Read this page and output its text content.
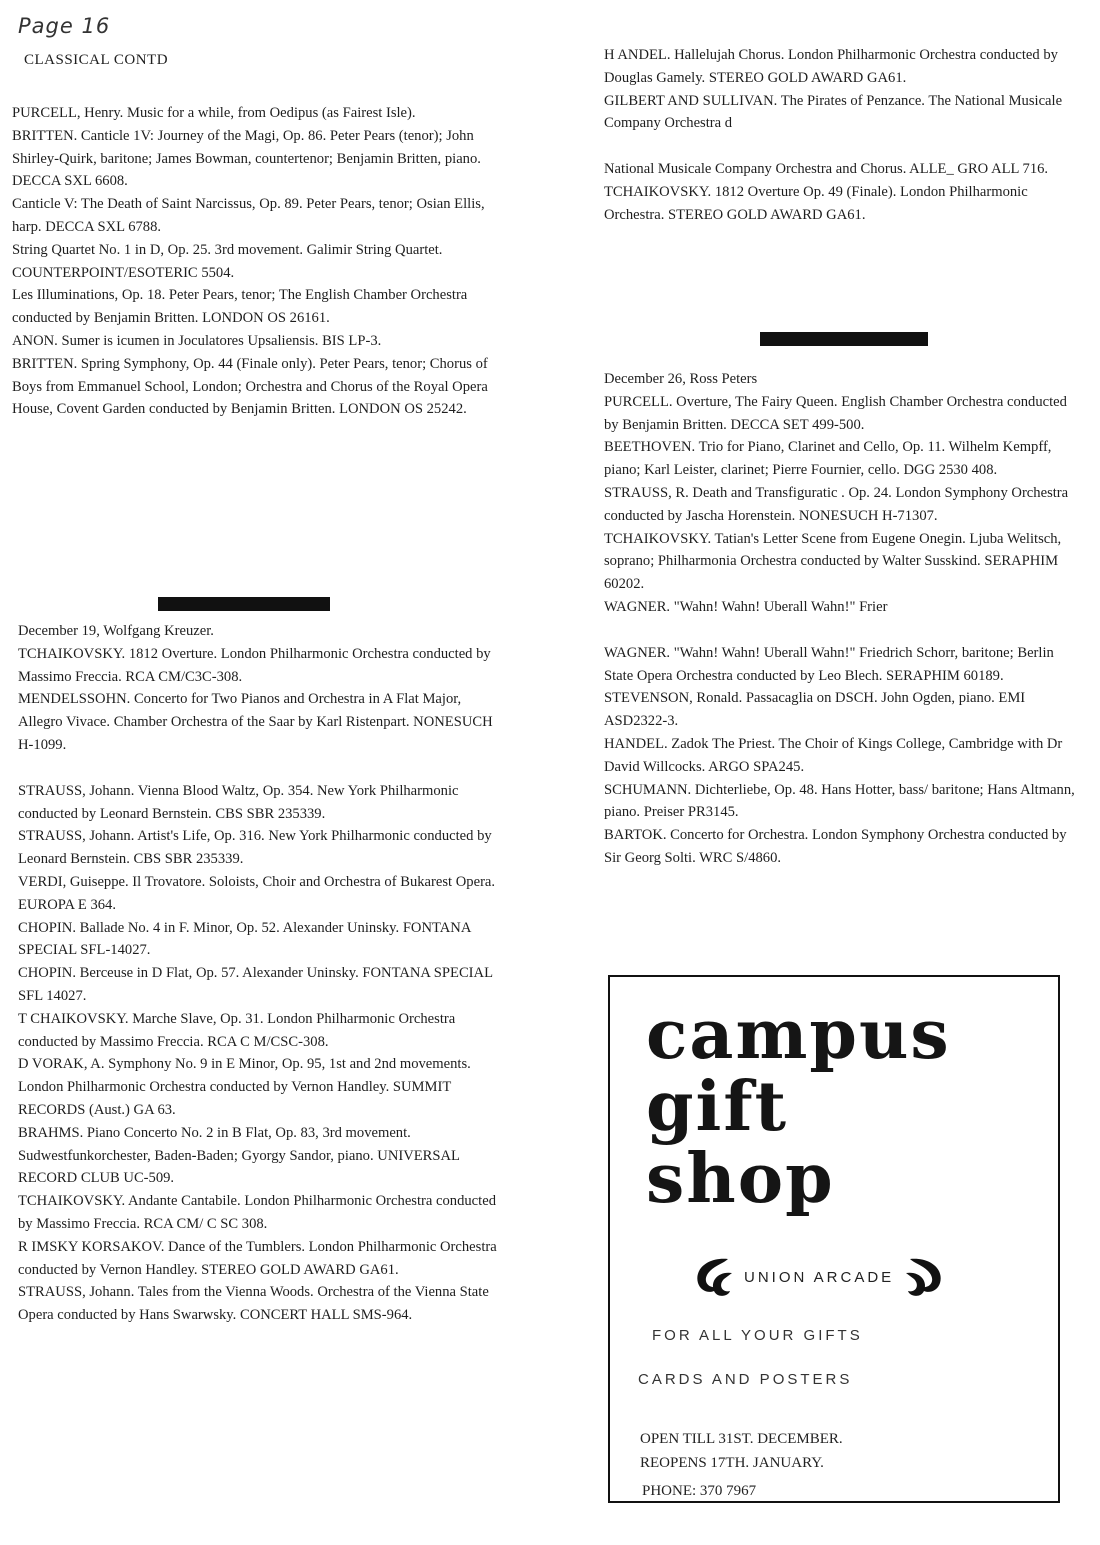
Page 16
CLASSICAL CONTD

PURCELL, Henry. Music for a while, from Oedipus (as Fairest Isle).

BRITTEN. Canticle 1V: Journey of the Magi, Op. 86. Peter Pears (tenor); John Shirley-Quirk, baritone; James Bowman, countertenor; Benjamin Britten, piano. DECCA SXL 6608.

Canticle V: The Death of Saint Narcissus, Op. 89. Peter Pears, tenor; Osian Ellis, harp. DECCA SXL 6788.

String Quartet No. 1 in D, Op. 25. 3rd movement. Galimir String Quartet. COUNTERPOINT/ESOTERIC 5504.

Les Illuminations, Op. 18. Peter Pears, tenor; The English Chamber Orchestra conducted by Benjamin Britten. LONDON OS 26161.

ANON. Sumer is icumen in Joculatores Upsaliensis. BIS LP-3.

BRITTEN. Spring Symphony, Op. 44 (Finale only). Peter Pears, tenor; Chorus of Boys from Emmanuel School, London; Orchestra and Chorus of the Royal Opera House, Covent Garden conducted by Benjamin Britten. LONDON OS 25242.

December 19, Wolfgang Kreuzer.

TCHAIKOVSKY. 1812 Overture. London Philharmonic Orchestra conducted by Massimo Freccia. RCA CM/C3C-308.

MENDELSSOHN. Concerto for Two Pianos and Orchestra in A Flat Major, Allegro Vivace. Chamber Orchestra of the Saar by Karl Ristenpart. NONESUCH H-1099.

STRAUSS, Johann. Vienna Blood Waltz, Op. 354. New York Philharmonic conducted by Leonard Bernstein. CBS SBR 235339.

STRAUSS, Johann. Artist's Life, Op. 316. New York Philharmonic conducted by Leonard Bernstein. CBS SBR 235339.

VERDI, Guiseppe. Il Trovatore. Soloists, Choir and Orchestra of Bukarest Opera. EUROPA E 364.

CHOPIN. Ballade No. 4 in F. Minor, Op. 52. Alexander Uninsky. FONTANA SPECIAL SFL-14027.

CHOPIN. Berceuse in D Flat, Op. 57. Alexander Uninsky. FONTANA SPECIAL SFL 14027.

T CHAIKOVSKY. Marche Slave, Op. 31. London Philharmonic Orchestra conducted by Massimo Freccia. RCA C M/CSC-308.

D VORAK, A. Symphony No. 9 in E Minor, Op. 95, 1st and 2nd movements. London Philharmonic Orchestra conducted by Vernon Handley. SUMMIT RECORDS (Aust.) GA 63.

BRAHMS. Piano Concerto No. 2 in B Flat, Op. 83, 3rd movement. Sudwestfunkorchester, Baden-Baden; Gyorgy Sandor, piano. UNIVERSAL RECORD CLUB UC-509.

TCHAIKOVSKY. Andante Cantabile. London Philharmonic Orchestra conducted by Massimo Freccia. RCA CM/ C SC 308.

R IMSKY KORSAKOV. Dance of the Tumblers. London Philharmonic Orchestra conducted by Vernon Handley. STEREO GOLD AWARD GA61.

STRAUSS, Johann. Tales from the Vienna Woods. Orchestra of the Vienna State Opera conducted by Hans Swarwsky. CONCERT HALL SMS-964.

H ANDEL. Hallelujah Chorus. London Philharmonic Orchestra conducted by Douglas Gamely. STEREO GOLD AWARD GA61.

GILBERT AND SULLIVAN. The Pirates of Penzance. The National Musicale Company Orchestra d

National Musicale Company Orchestra and Chorus. ALLE_ GRO ALL 716.

TCHAIKOVSKY. 1812 Overture Op. 49 (Finale). London Philharmonic Orchestra. STEREO GOLD AWARD GA61.

December 26, Ross Peters

PURCELL. Overture, The Fairy Queen. English Chamber Orchestra conducted by Benjamin Britten. DECCA SET 499-500.

BEETHOVEN. Trio for Piano, Clarinet and Cello, Op. 11. Wilhelm Kempff, piano; Karl Leister, clarinet; Pierre Fournier, cello. DGG 2530 408.

STRAUSS, R. Death and Transfiguratic . Op. 24. London Symphony Orchestra conducted by Jascha Horenstein. NONESUCH H-71307.

TCHAIKOVSKY. Tatian's Letter Scene from Eugene Onegin. Ljuba Welitsch, soprano; Philharmonia Orchestra conducted by Walter Susskind. SERAPHIM 60202.

WAGNER. "Wahn! Wahn! Uberall Wahn!" Frier

WAGNER. "Wahn! Wahn! Uberall Wahn!" Friedrich Schorr, baritone; Berlin State Opera Orchestra conducted by Leo Blech. SERAPHIM 60189.

STEVENSON, Ronald. Passacaglia on DSCH. John Ogden, piano. EMI ASD2322-3.

HANDEL. Zadok The Priest. The Choir of Kings College, Cambridge with Dr David Willcocks. ARGO SPA245.

SCHUMANN. Dichterliebe, Op. 48. Hans Hotter, bass/ baritone; Hans Altmann, piano. Preiser PR3145.

BARTOK. Concerto for Orchestra. London Symphony Orchestra conducted by Sir Georg Solti. WRC S/4860.

campus
gift
shop
UNION ARCADE

FOR ALL YOUR GIFTS

CARDS AND POSTERS

OPEN TILL 31ST. DECEMBER.

REOPENS 17TH. JANUARY.

PHONE: 370 7967
